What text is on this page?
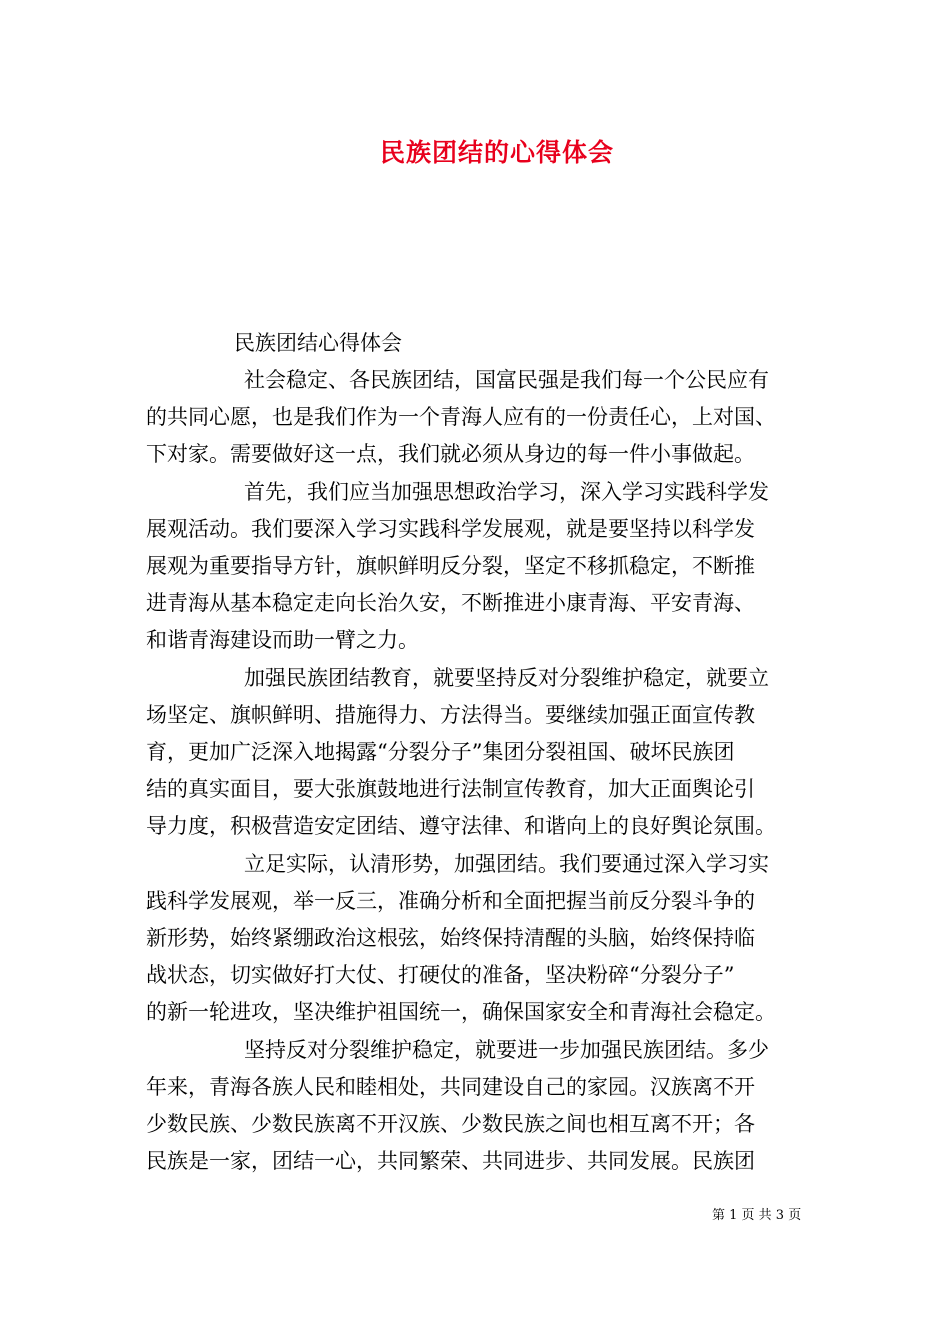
民族团结的心得体会
民族团结心得体会
社会稳定、各民族团结，国富民强是我们每一个公民应有
的共同心愿，也是我们作为一个青海人应有的一份责任心，上对国、
下对家。需要做好这一点，我们就必须从身边的每一件小事做起。
首先，我们应当加强思想政治学习，深入学习实践科学发
展观活动。我们要深入学习实践科学发展观，就是要坚持以科学发
展观为重要指导方针，旗帜鲜明反分裂，坚定不移抓稳定，不断推
进青海从基本稳定走向长治久安，不断推进小康青海、平安青海、
和谐青海建设而助一臂之力。
加强民族团结教育，就要坚持反对分裂维护稳定，就要立
场坚定、旗帜鲜明、措施得力、方法得当。要继续加强正面宣传教
育，更加广泛深入地揭露“分裂分子”集团分裂祖国、破坏民族团
结的真实面目，要大张旗鼓地进行法制宣传教育，加大正面舆论引
导力度，积极营造安定团结、遵守法律、和谐向上的良好舆论氛围。
立足实际，认清形势，加强团结。我们要通过深入学习实
践科学发展观，举一反三，准确分析和全面把握当前反分裂斗争的
新形势，始终紧绷政治这根弦，始终保持清醒的头脑，始终保持临
战状态，切实做好打大仗、打硬仗的准备，坚决粉碎“分裂分子”
的新一轮进攻，坚决维护祖国统一，确保国家安全和青海社会稳定。
坚持反对分裂维护稳定，就要进一步加强民族团结。多少
年来，青海各族人民和睦相处，共同建设自己的家园。汉族离不开
少数民族、少数民族离不开汉族、少数民族之间也相互离不开；各
民族是一家，团结一心，共同繁荣、共同进步、共同发展。民族团
第 1 页 共 3 页
